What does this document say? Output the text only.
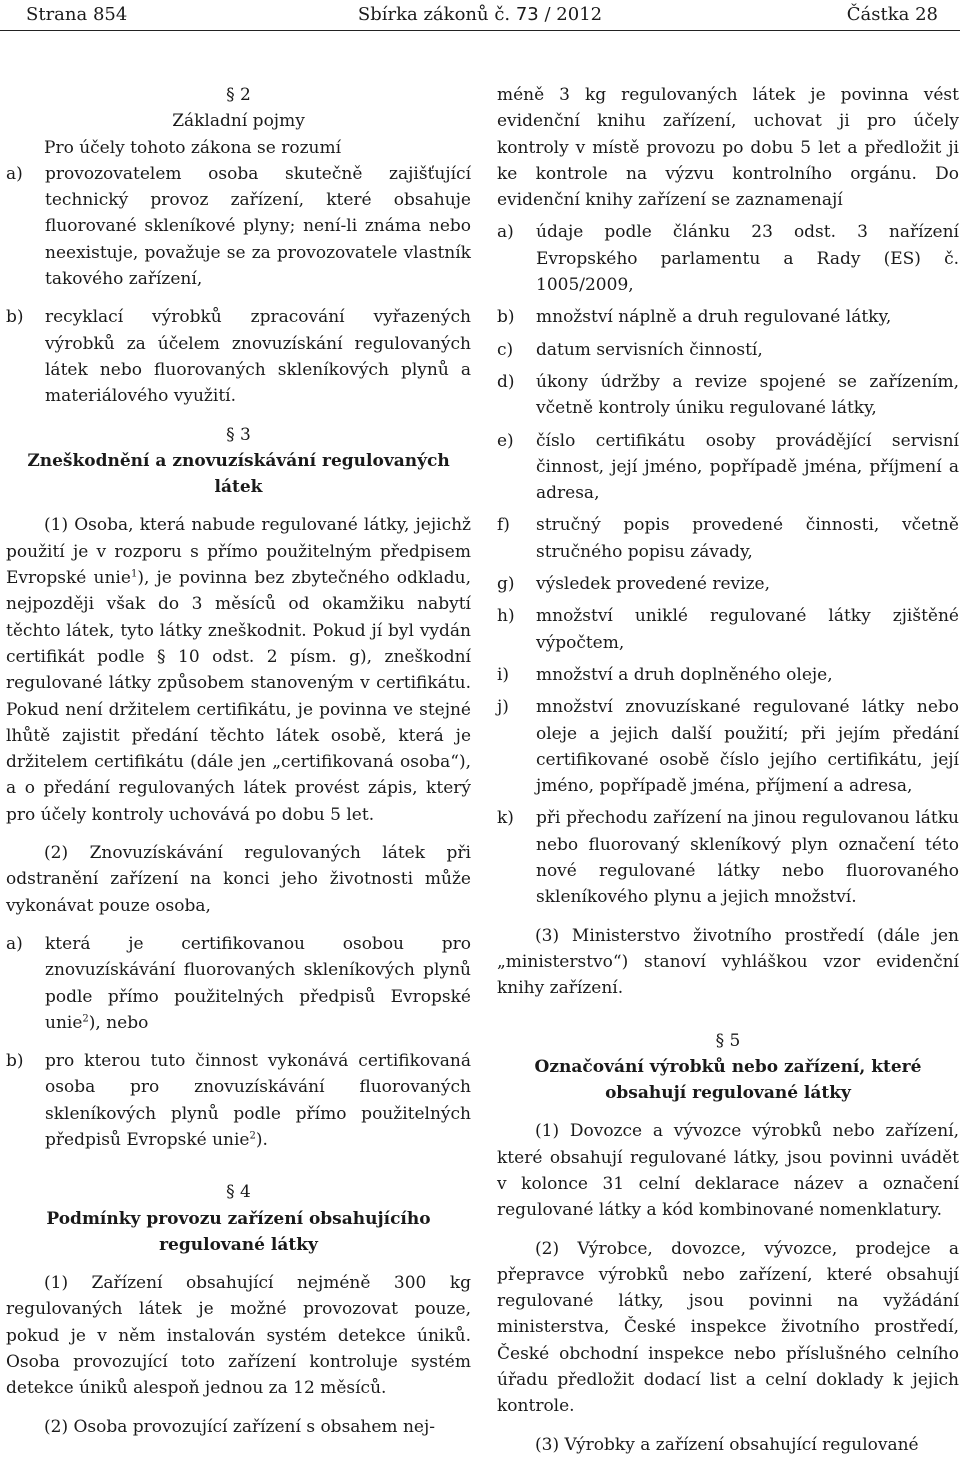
Sbírka zákonů č. 73 / 2012
Strana 854	Částka 28

§ 2

Základní pojmy

Pro účely tohoto zákona se rozumí

a)	provozovatelem osoba skutečně zajišťující technický provoz zařízení, které obsahuje fluorované skleníkové plyny; není-li známa nebo neexistuje, považuje se za provozovatele vlastník takového zařízení,
b)	recyklací výrobků zpracování vyřazených výrobků za účelem znovuzískání regulovaných látek nebo fluorovaných skleníkových plynů a materiálového využití.

§ 3

Zneškodnění a znovuzískávání regulovaných látek

(1) Osoba, která nabude regulované látky, jejichž použití je v rozporu s přímo použitelným předpisem Evropské unie$^1$), je povinna bez zbytečného odkladu, nejpozději však do 3 měsíců od okamžiku nabytí těchto látek, tyto látky zneškodnit. Pokud jí byl vydán certifikát podle § 10 odst. 2 písm. g), zneškodní regulované látky způsobem stanoveným v certifikátu. Pokud není držitelem certifikátu, je povinna ve stejné lhůtě zajistit předání těchto látek osobě, která je držitelem certifikátu (dále jen „certifikovaná osoba“), a o předání regulovaných látek provést zápis, který pro účely kontroly uchovává po dobu 5 let.

(2) Znovuzískávání regulovaných látek při odstranění zařízení na konci jeho životnosti může vykonávat pouze osoba,

a)	která je certifikovanou osobou pro znovuzískávání fluorovaných skleníkových plynů podle přímo použitelných předpisů Evropské unie$^2$), nebo
b)	pro kterou tuto činnost vykonává certifikovaná osoba pro znovuzískávání fluorovaných skleníkových plynů podle přímo použitelných předpisů Evropské unie$^2$).

§ 4

Podmínky provozu zařízení obsahujícího regulované látky

(1) Zařízení obsahující nejméně 300 kg regulovaných látek je možné provozovat pouze, pokud je v něm instalován systém detekce úniků. Osoba provozující toto zařízení kontroluje systém detekce úniků alespoň jednou za 12 měsíců.

(2) Osoba provozující zařízení s obsahem nej-

méně 3 kg regulovaných látek je povinna vést evidenční knihu zařízení, uchovat ji pro účely kontroly v místě provozu po dobu 5 let a předložit ji ke kontrole na výzvu kontrolního orgánu. Do evidenční knihy zařízení se zaznamenají

a)	údaje podle článku 23 odst. 3 nařízení Evropského parlamentu a Rady (ES) č. 1005/2009,
b)	množství náplně a druh regulované látky,
c)	datum servisních činností,
d)	úkony údržby a revize spojené se zařízením, včetně kontroly úniku regulované látky,
e)	číslo certifikátu osoby provádějící servisní činnost, její jméno, popřípadě jména, příjmení a adresa,
f)	stručný popis provedené činnosti, včetně stručného popisu závady,
g)	výsledek provedené revize,
h)	množství uniklé regulované látky zjištěné výpočtem,
i)	množství a druh doplněného oleje,
j)	množství znovuzískané regulované látky nebo oleje a jejich další použití; při jejím předání certifikované osobě číslo jejího certifikátu, její jméno, popřípadě jména, příjmení a adresa,
k)	při přechodu zařízení na jinou regulovanou látku nebo fluorovaný skleníkový plyn označení této nové regulované látky nebo fluorovaného skleníkového plynu a jejich množství.

(3) Ministerstvo životního prostředí (dále jen „ministerstvo“) stanoví vyhláškou vzor evidenční knihy zařízení.

§ 5

Označování výrobků nebo zařízení, které obsahují regulované látky

(1) Dovozce a vývozce výrobků nebo zařízení, které obsahují regulované látky, jsou povinni uvádět v kolonce 31 celní deklarace název a označení regulované látky a kód kombinované nomenklatury.

(2) Výrobce, dovozce, vývozce, prodejce a přepravce výrobků nebo zařízení, které obsahují regulované látky, jsou povinni na vyžádání ministerstva, České inspekce životního prostředí, České obchodní inspekce nebo příslušného celního úřadu předložit dodací list a celní doklady k jejich kontrole.

(3) Výrobky a zařízení obsahující regulované
